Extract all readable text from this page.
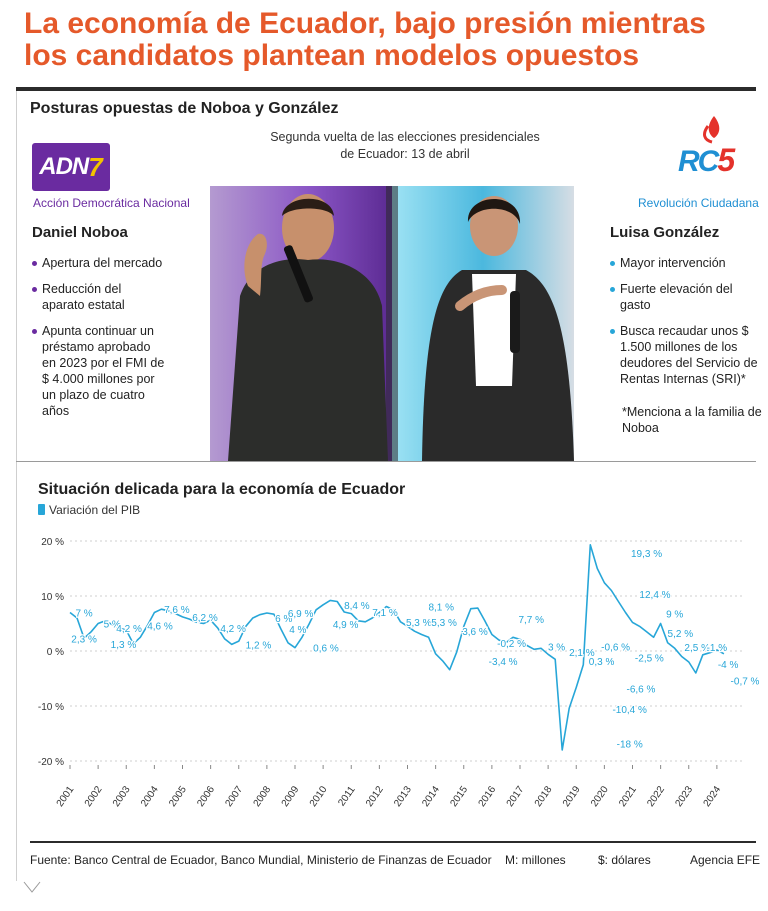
La economía de Ecuador, bajo presión mientras los candidatos plantean modelos opuestos
Posturas opuestas de Noboa y González
Segunda vuelta de las elecciones presidenciales
de Ecuador: 13 de abril
ADN 7
Acción Democrática Nacional
RC5
Revolución Ciudadana
Daniel Noboa
Apertura del mercado
Reducción del aparato estatal
Apunta continuar un préstamo aprobado en 2023 por el FMI de $ 4.000 millones por un plazo de cuatro años
Luisa González
Mayor intervención
Fuerte elevación del gasto
Busca recaudar unos $ 1.500 millones de los deudores del Servicio de Rentas Internas (SRI)*
*Menciona a la familia de Noboa
Situación delicada para la economía de Ecuador
Variación del PIB
20 %
10 %
0 %
-10 %
-20 %
2001 2002 2003 2004 2005 2006 2007 2008 2009 2010 2011 2012 2013 2014 2015 2016 2017 2018 2019 2020 2021 2022 2023 2024
7 %
2,3 %
5 %
4,2 %
1,3 %
4,6 %
7,6 %
6,2 %
4,2 %
1,2 %
6 %
6,9 %
4 %
0,6 %
4,9 %
8,4 %
7,1 %
5,3 %
8,1 %
5,3 %
3,6 %
-3,4 %
-0,2 %
7,7 %
3 % 2,1 %
0,3 %
-0,6 %
-10,4 %
-6,6 %
-2,5 %
-18 %
19,3 %
12,4 %
9 %
5,2 %
2,5 %
-1 %
-4 %
-0,7 %
Fuente: Banco Central de Ecuador, Banco Mundial, Ministerio de Finanzas de Ecuador M: millones	$: dólares	Agencia EFE
